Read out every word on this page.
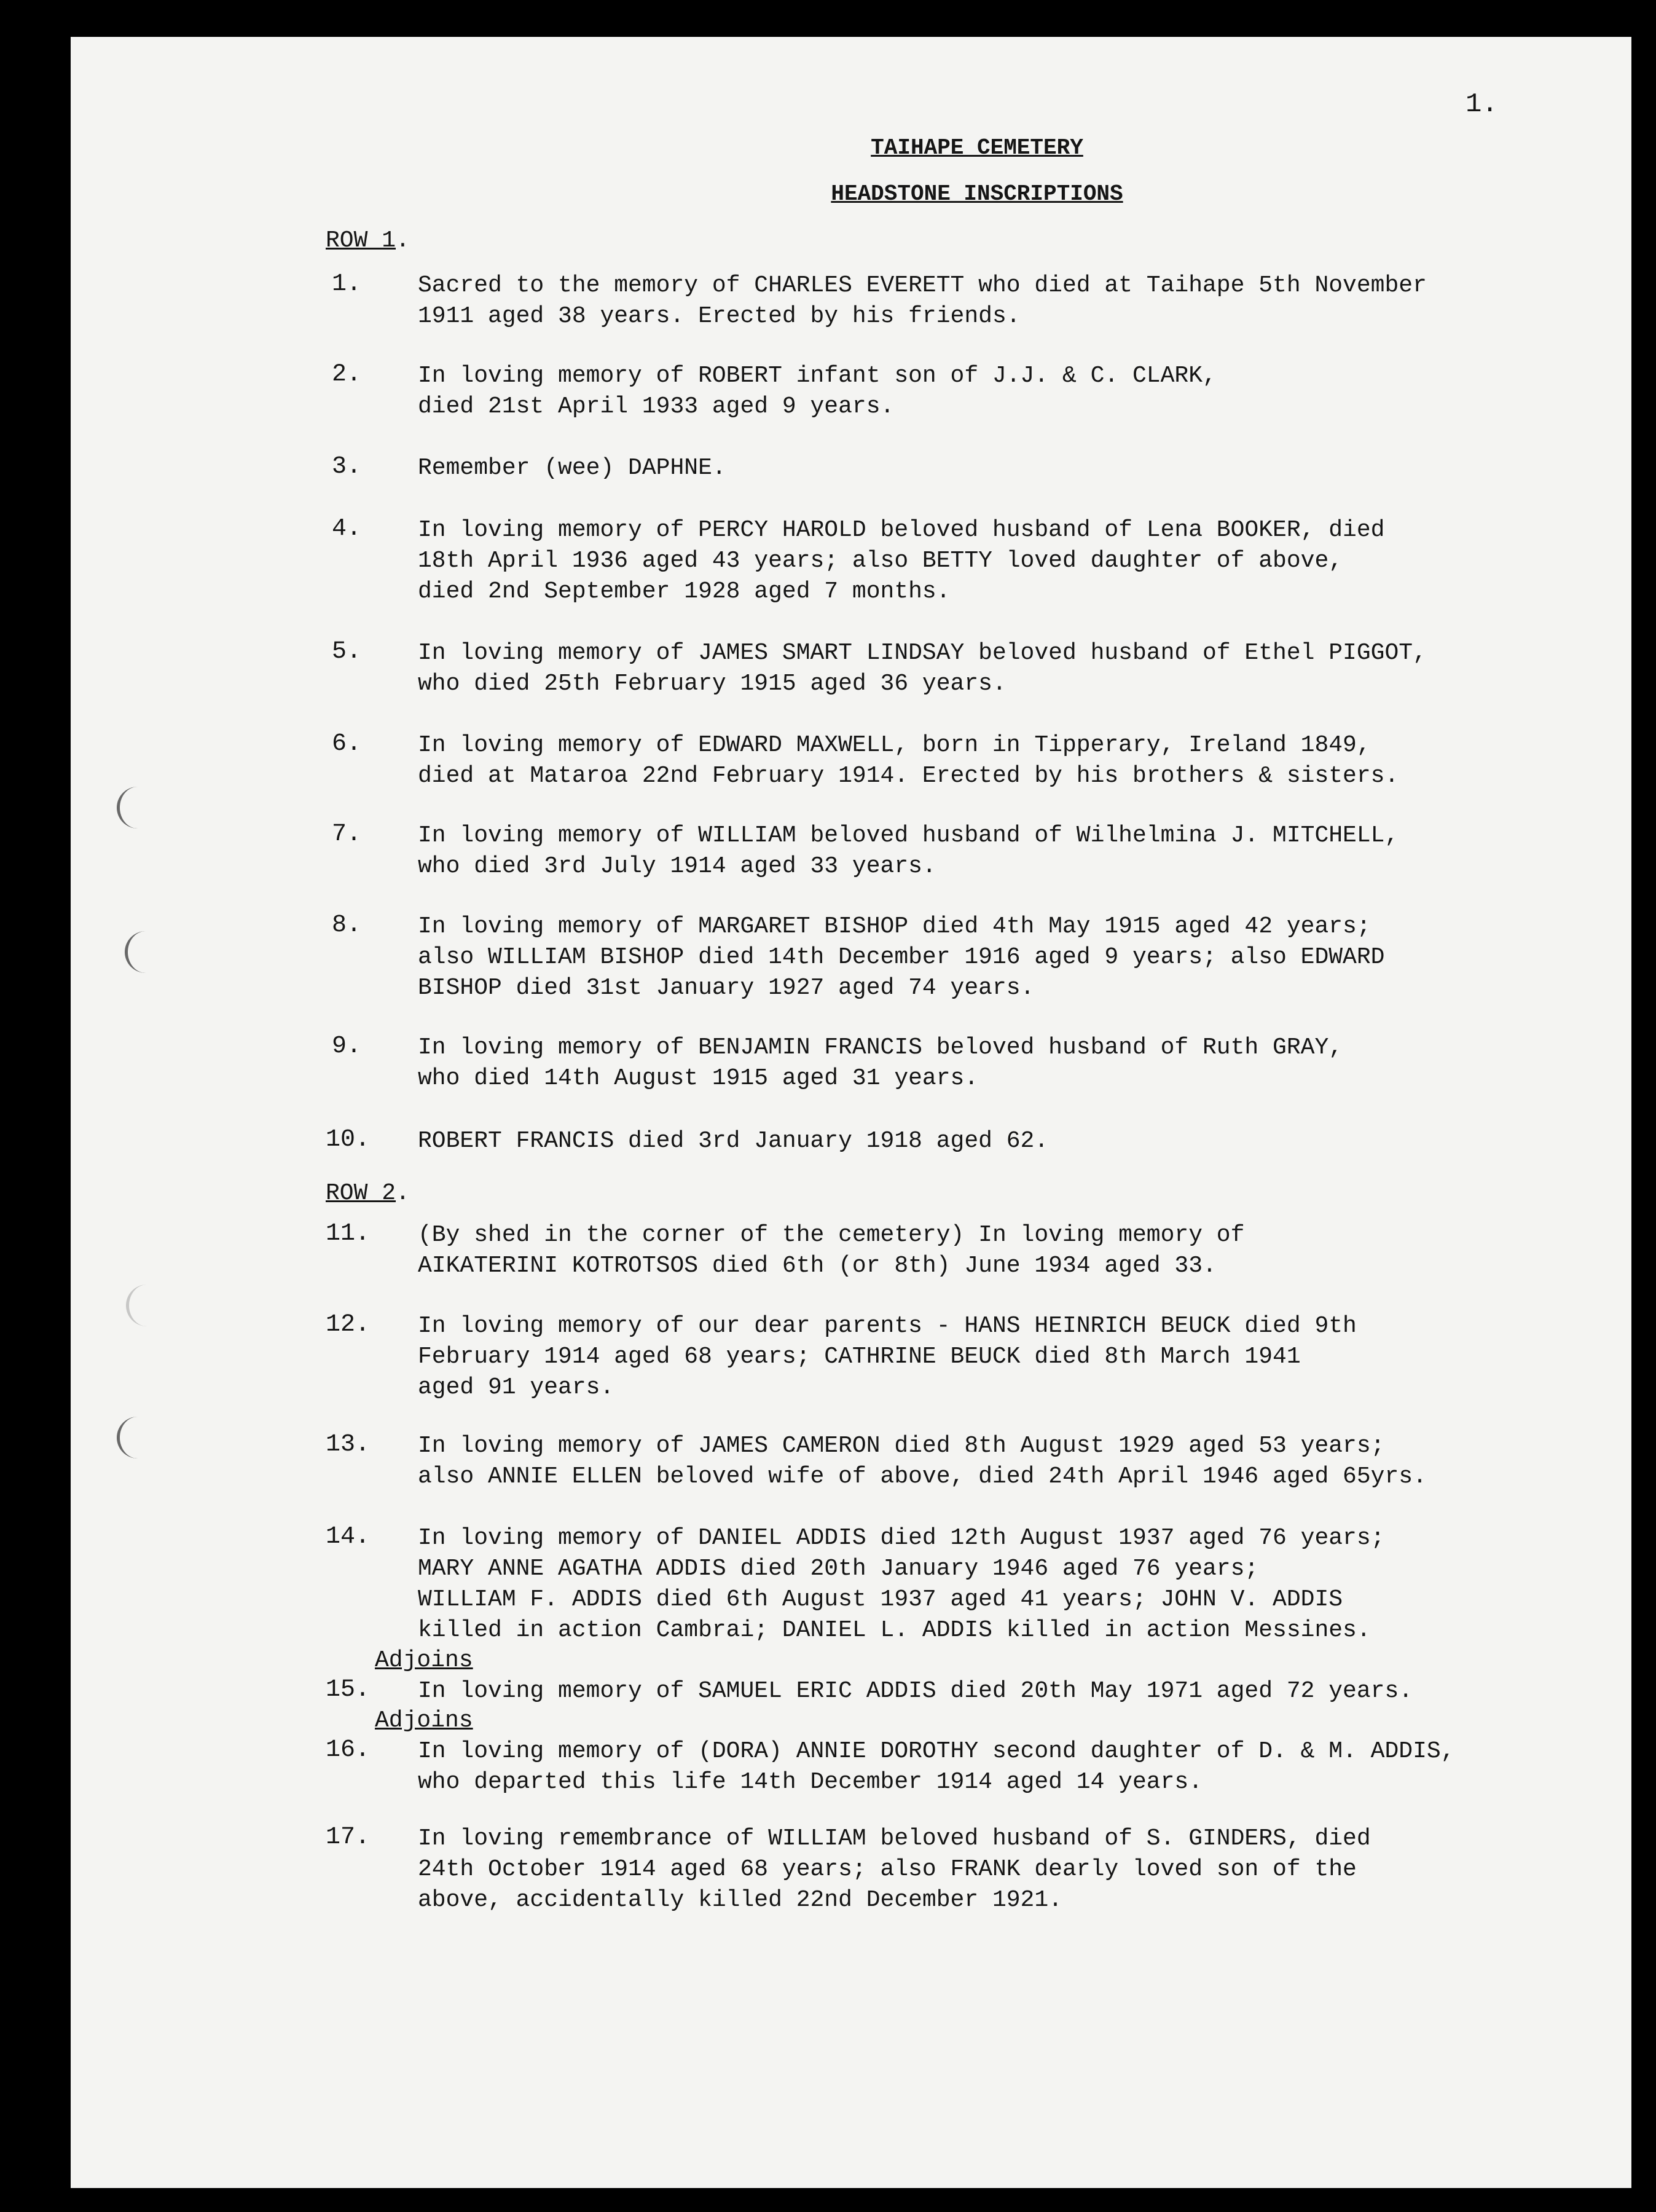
1.
TAIHAPE CEMETERY
HEADSTONE INSCRIPTIONS
ROW 1.
1.	Sacred to the memory of CHARLES EVERETT who died at Taihape 5th November
1911 aged 38 years. Erected by his friends.
2.	In loving memory of ROBERT infant son of J.J. & C. CLARK,
died 21st April 1933 aged 9 years.
3.	Remember (wee) DAPHNE.
4.	In loving memory of PERCY HAROLD beloved husband of Lena BOOKER, died
18th April 1936 aged 43 years; also BETTY loved daughter of above,
died 2nd September 1928 aged 7 months.
5.	In loving memory of JAMES SMART LINDSAY beloved husband of Ethel PIGGOT,
who died 25th February 1915 aged 36 years.
6.	In loving memory of EDWARD MAXWELL, born in Tipperary, Ireland 1849,
died at Mataroa 22nd February 1914. Erected by his brothers & sisters.
7.	In loving memory of WILLIAM beloved husband of Wilhelmina J. MITCHELL,
who died 3rd July 1914 aged 33 years.
8.	In loving memory of MARGARET BISHOP died 4th May 1915 aged 42 years;
also WILLIAM BISHOP died 14th December 1916 aged 9 years; also EDWARD
BISHOP died 31st January 1927 aged 74 years.
9.	In loving memory of BENJAMIN FRANCIS beloved husband of Ruth GRAY,
who died 14th August 1915 aged 31 years.
10.	ROBERT FRANCIS died 3rd January 1918 aged 62.
ROW 2.
11.	(By shed in the corner of the cemetery) In loving memory of
AIKATERINI KOTROTSOS died 6th (or 8th) June 1934 aged 33.
12.	In loving memory of our dear parents - HANS HEINRICH BEUCK died 9th
February 1914 aged 68 years; CATHRINE BEUCK died 8th March 1941
aged 91 years.
13.	In loving memory of JAMES CAMERON died 8th August 1929 aged 53 years;
also ANNIE ELLEN beloved wife of above, died 24th April 1946 aged 65yrs.
14.	In loving memory of DANIEL ADDIS died 12th August 1937 aged 76 years;
MARY ANNE AGATHA ADDIS died 20th January 1946 aged 76 years;
WILLIAM F. ADDIS died 6th August 1937 aged 41 years; JOHN V. ADDIS
killed in action Cambrai; DANIEL L. ADDIS killed in action Messines.
Adjoins
15.	In loving memory of SAMUEL ERIC ADDIS died 20th May 1971 aged 72 years.
Adjoins
16.	In loving memory of (DORA) ANNIE DOROTHY second daughter of D. & M. ADDIS,
who departed this life 14th December 1914 aged 14 years.
17.	In loving remembrance of WILLIAM beloved husband of S. GINDERS, died
24th October 1914 aged 68 years; also FRANK dearly loved son of the
above, accidentally killed 22nd December 1921.
